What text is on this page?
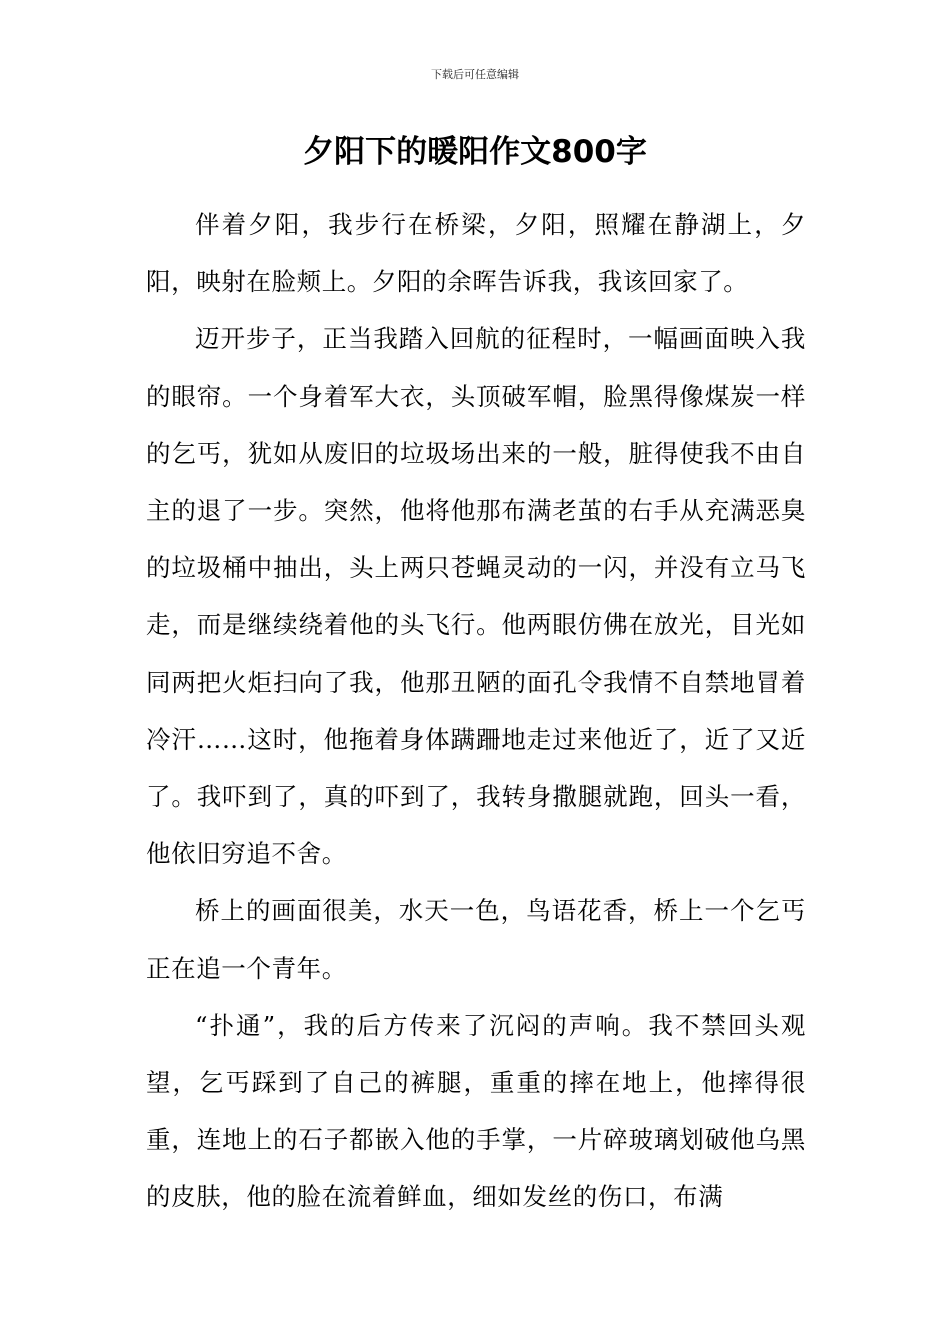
下载后可任意编辑
夕阳下的暖阳作文800字

伴着夕阳，我步行在桥梁，夕阳，照耀在静湖上，夕阳，映射在脸颊上。夕阳的余晖告诉我，我该回家了。

迈开步子，正当我踏入回航的征程时，一幅画面映入我的眼帘。一个身着军大衣，头顶破军帽，脸黑得像煤炭一样的乞丐，犹如从废旧的垃圾场出来的一般，脏得使我不由自主的退了一步。突然，他将他那布满老茧的右手从充满恶臭的垃圾桶中抽出，头上两只苍蝇灵动的一闪，并没有立马飞走，而是继续绕着他的头飞行。他两眼仿佛在放光，目光如同两把火炬扫向了我，他那丑陋的面孔令我情不自禁地冒着冷汗……这时，他拖着身体蹒跚地走过来他近了，近了又近了。我吓到了，真的吓到了，我转身撒腿就跑，回头一看，他依旧穷追不舍。

桥上的画面很美，水天一色，鸟语花香，桥上一个乞丐正在追一个青年。

“扑通”，我的后方传来了沉闷的声响。我不禁回头观望，乞丐踩到了自己的裤腿，重重的摔在地上，他摔得很重，连地上的石子都嵌入他的手掌，一片碎玻璃划破他乌黑的皮肤，他的脸在流着鲜血，细如发丝的伤口，布满
